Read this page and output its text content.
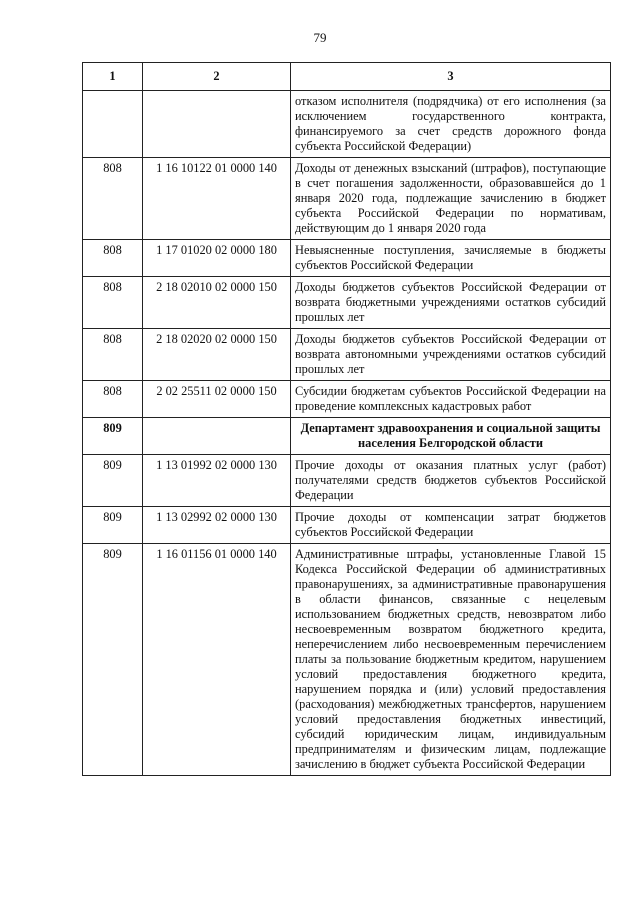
79
1	2	3
		отказом исполнителя (подрядчика) от его исполнения (за исключением государственного контракта, финансируемого за счет средств дорожного фонда субъекта Российской Федерации)
808	1 16 10122 01 0000 140	Доходы от денежных взысканий (штрафов), поступающие в счет погашения задолженности, образовавшейся до 1 января 2020 года, подлежащие зачислению в бюджет субъекта Российской Федерации по нормативам, действующим до 1 января 2020 года
808	1 17 01020 02 0000 180	Невыясненные поступления, зачисляемые в бюджеты субъектов Российской Федерации
808	2 18 02010 02 0000 150	Доходы бюджетов субъектов Российской Федерации от возврата бюджетными учреждениями остатков субсидий прошлых лет
808	2 18 02020 02 0000 150	Доходы бюджетов субъектов Российской Федерации от возврата автономными учреждениями остатков субсидий прошлых лет
808	2 02 25511 02 0000 150	Субсидии бюджетам субъектов Российской Федерации на проведение комплексных кадастровых работ
809		Департамент здравоохранения и социальной защиты населения Белгородской области
809	1 13 01992 02 0000 130	Прочие доходы от оказания платных услуг (работ) получателями средств бюджетов субъектов Российской Федерации
809	1 13 02992 02 0000 130	Прочие доходы от компенсации затрат бюджетов субъектов Российской Федерации
809	1 16 01156 01 0000 140	Административные штрафы, установленные Главой 15 Кодекса Российской Федерации об административных правонарушениях, за административные правонарушения в области финансов, связанные с нецелевым использованием бюджетных средств, невозвратом либо несвоевременным возвратом бюджетного кредита, неперечислением либо несвоевременным перечислением платы за пользование бюджетным кредитом, нарушением условий предоставления бюджетного кредита, нарушением порядка и (или) условий предоставления (расходования) межбюджетных трансфертов, нарушением условий предоставления бюджетных инвестиций, субсидий юридическим лицам, индивидуальным предпринимателям и физическим лицам, подлежащие зачислению в бюджет субъекта Российской Федерации
